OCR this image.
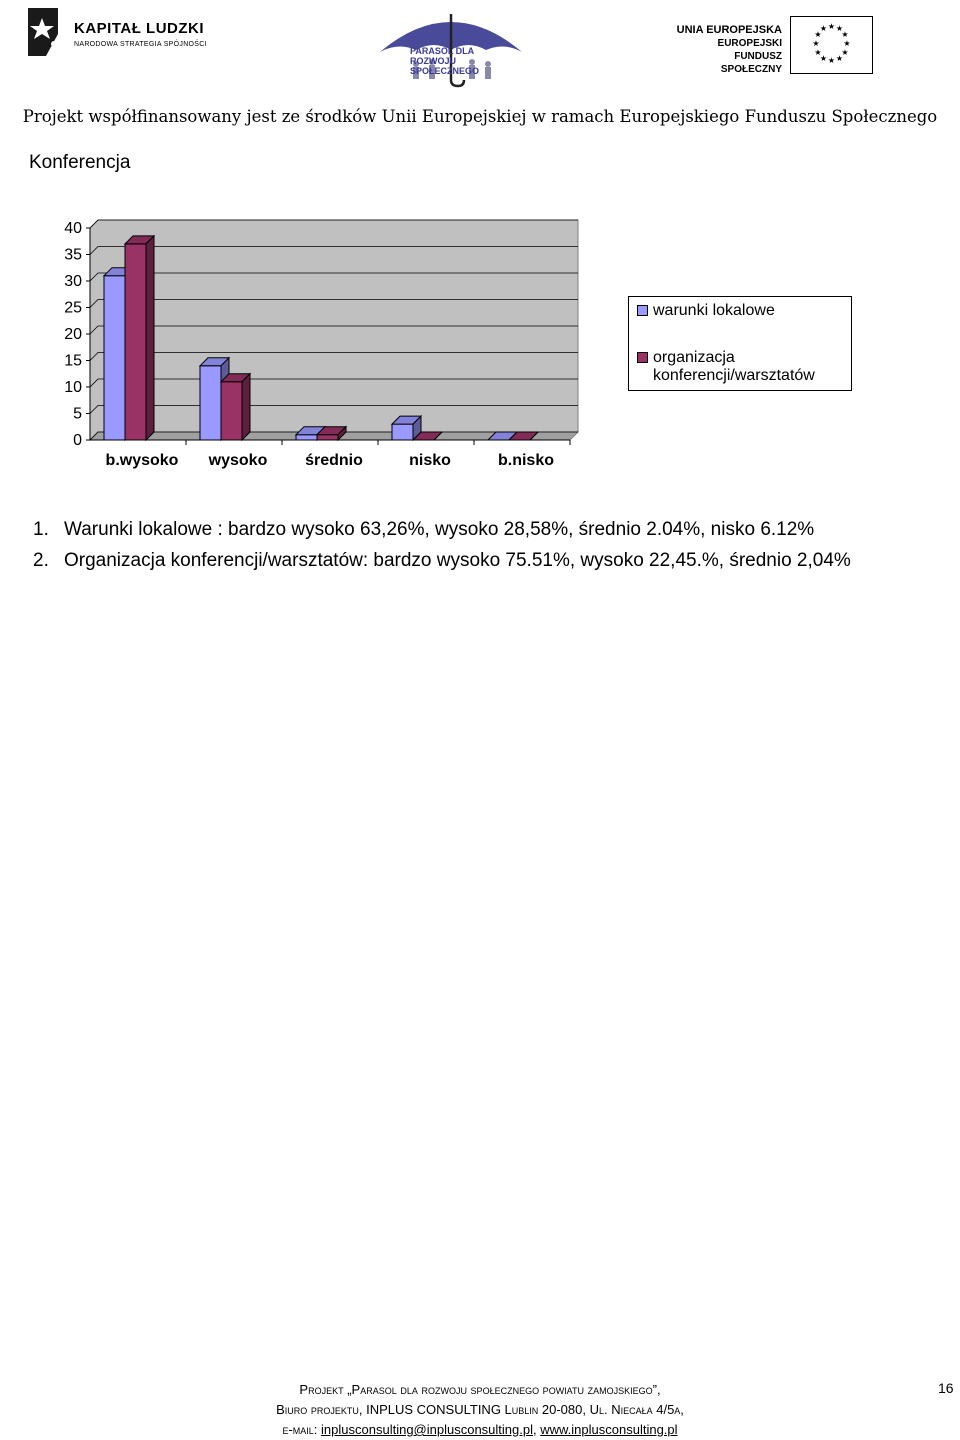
KAPITAŁ LUDZKI
NARODOWA STRATEGIA SPÓJNOŚCI
PARASOL DLA ROZWOJU SPOŁECZNEGO
UNIA EUROPEJSKA
EUROPEJSKI
FUNDUSZ SPOŁECZNY
★ ★
★
★
★
★
★
★
★
★
★
★
Projekt współfinansowany jest ze środków Unii Europejskiej w ramach Europejskiego Funduszu Społecznego
Konferencja
0
5
10
15
20
25
30
35
40
b.wysoko wysoko średnio	nisko	b.nisko
warunki lokalowe
organizacja konferencji/warsztatów
1. Warunki lokalowe : bardzo wysoko 63,26%, wysoko 28,58%, średnio 2.04%, nisko 6.12%
2. Organizacja konferencji/warsztatów: bardzo wysoko 75.51%, wysoko 22,45.%, średnio 2,04%
Projekt „Parasol dla rozwoju społecznego powiatu zamojskiego”,
Biuro projektu, INPLUS CONSULTING Lublin 20-080, Ul. Niecała 4/5a,
e-mail: inplusconsulting@inplusconsulting.pl, www.inplusconsulting.pl
16
